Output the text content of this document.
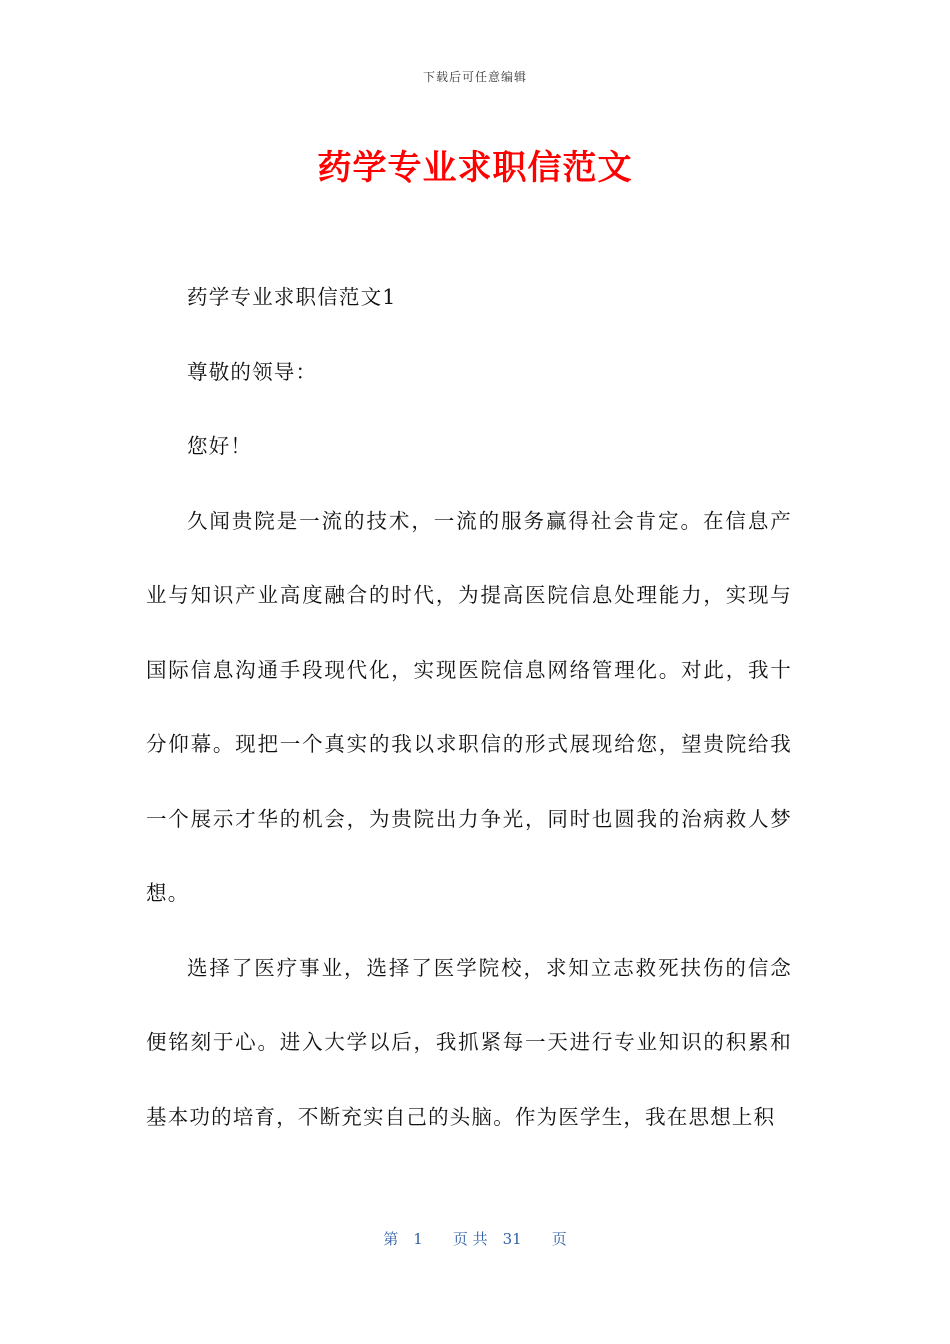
下载后可任意编辑
药学专业求职信范文

药学专业求职信范文1

尊敬的领导：

您好！

久闻贵院是一流的技术，一流的服务赢得社会肯定。在信息产业与知识产业高度融合的时代，为提高医院信息处理能力，实现与国际信息沟通手段现代化，实现医院信息网络管理化。对此，我十分仰幕。现把一个真实的我以求职信的形式展现给您，望贵院给我一个展示才华的机会，为贵院出力争光，同时也圆我的治病救人梦想。

选择了医疗事业，选择了医学院校，求知立志救死扶伤的信念便铭刻于心。进入大学以后，我抓紧每一天进行专业知识的积累和基本功的培育，不断充实自己的头脑。作为医学生，我在思想上积

第　1　　页 共　31　　页
